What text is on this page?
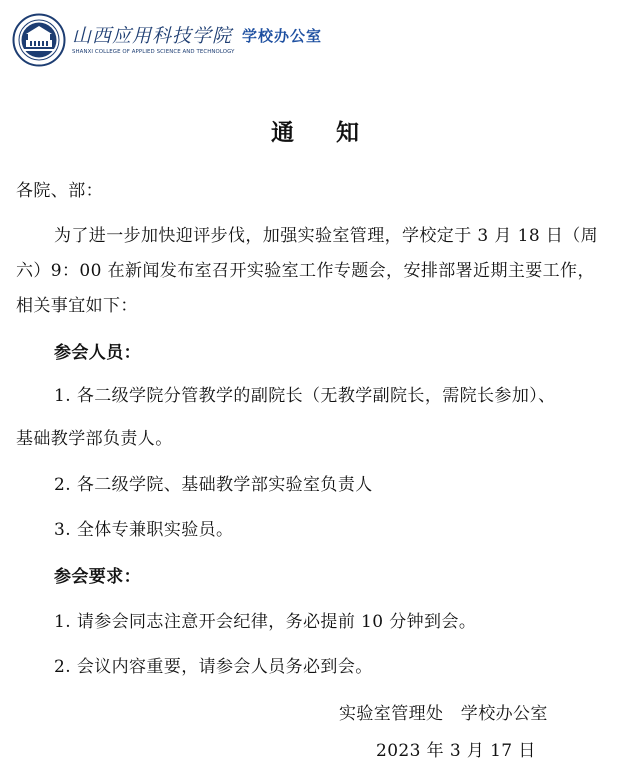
山西应用科技学院 学校办公室
SHANXI COLLEGE OF APPLIED SCIENCE AND TECHNOLOGY
通 知
各院、部：
为了进一步加快迎评步伐，加强实验室管理，学校定于 3 月 18 日（周
六）9：00 在新闻发布室召开实验室工作专题会，安排部署近期主要工作，
相关事宜如下：
参会人员：
1. 各二级学院分管教学的副院长（无教学副院长，需院长参加）、
基础教学部负责人。
2. 各二级学院、基础教学部实验室负责人
3. 全体专兼职实验员。
参会要求：
1. 请参会同志注意开会纪律，务必提前 10 分钟到会。
2. 会议内容重要，请参会人员务必到会。
实验室管理处   学校办公室
2023 年 3 月 17 日
